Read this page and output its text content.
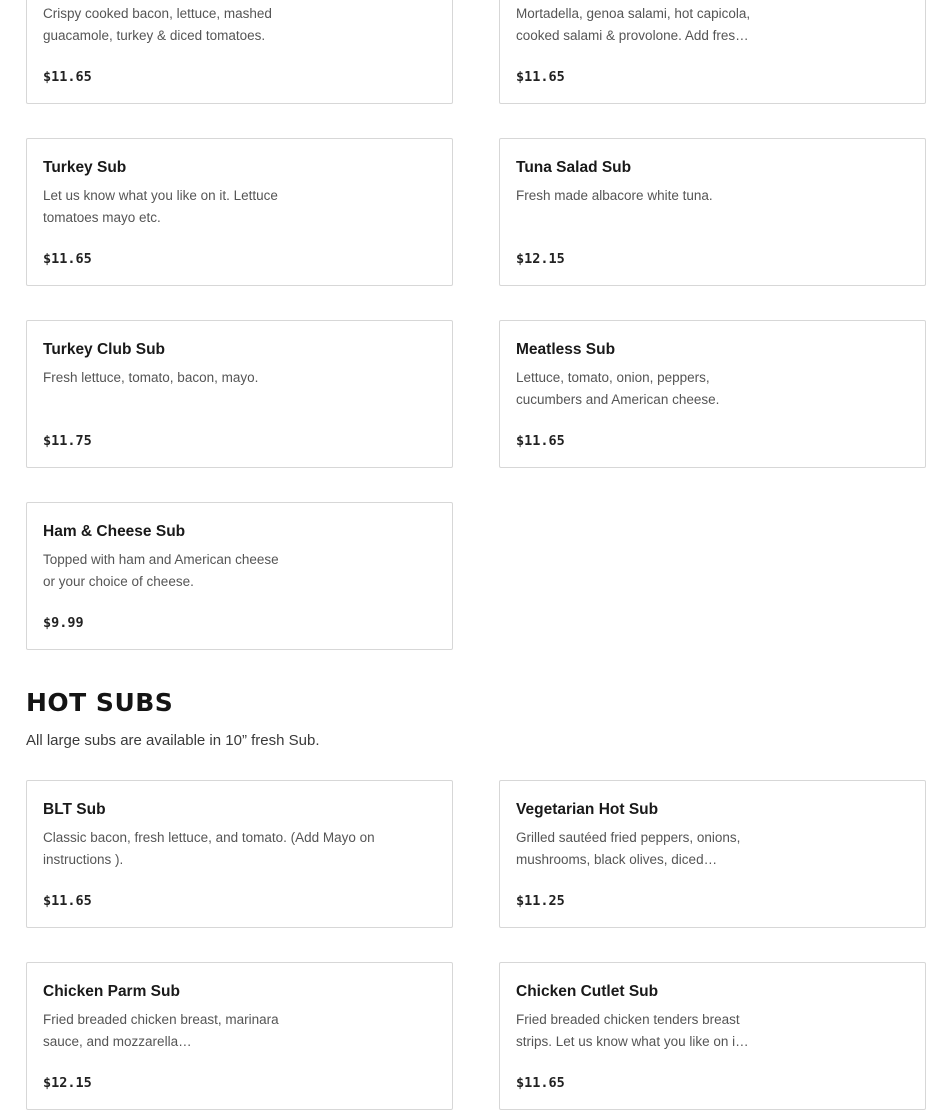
Crispy cooked bacon, lettuce, mashed guacamole, turkey & diced tomatoes.
$11.65
Mortadella, genoa salami, hot capicola, cooked salami & provolone. Add fres…
$11.65
Turkey Sub
Let us know what you like on it. Lettuce tomatoes mayo etc.
$11.65
Tuna Salad Sub
Fresh made albacore white tuna.
$12.15
Turkey Club Sub
Fresh lettuce, tomato, bacon, mayo.
$11.75
Meatless Sub
Lettuce, tomato, onion, peppers, cucumbers and American cheese.
$11.65
Ham & Cheese Sub
Topped with ham and American cheese or your choice of cheese.
$9.99
HOT SUBS
All large subs are available in 10” fresh Sub.
BLT Sub
Classic bacon, fresh lettuce, and tomato. (Add Mayo on instructions ).
$11.65
Vegetarian Hot Sub
Grilled sautéed fried peppers, onions, mushrooms, black olives, diced…
$11.25
Chicken Parm Sub
Fried breaded chicken breast, marinara sauce, and mozzarella…
$12.15
Chicken Cutlet Sub
Fried breaded chicken tenders breast strips. Let us know what you like on i…
$11.65
